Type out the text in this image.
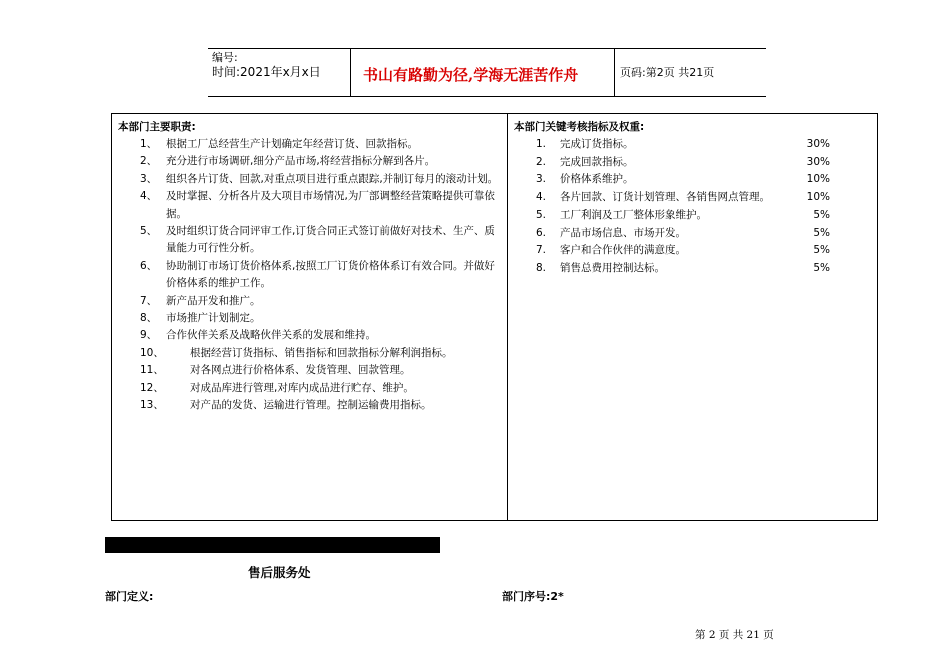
编号:
时间:2021年x月x日	书山有路勤为径,学海无涯苦作舟	页码:第2页 共21页
本部门主要职责:
1、 根据工厂总经营生产计划确定年经营订货、回款指标。
2、 充分进行市场调研,细分产品市场,将经营指标分解到各片。
3、 组织各片订货、回款,对重点项目进行重点跟踪,并制订每月的滚动计划。
4、 及时掌握、分析各片及大项目市场情况,为厂部调整经营策略提供可靠依据。
5、 及时组织订货合同评审工作,订货合同正式签订前做好对技术、生产、质量能力可行性分析。
6、 协助制订市场订货价格体系,按照工厂订货价格体系订有效合同。并做好价格体系的维护工作。
7、 新产品开发和推广。
8、 市场推广计划制定。
9、 合作伙伴关系及战略伙伴关系的发展和维持。
10、	根据经营订货指标、销售指标和回款指标分解利润指标。
11、	对各网点进行价格体系、发货管理、回款管理。
12、	对成品库进行管理,对库内成品进行贮存、维护。
13、	对产品的发货、运输进行管理。控制运输费用指标。
本部门关键考核指标及权重:
1.	完成订货指标。	30%
2.	完成回款指标。	30%
3.	价格体系维护。	10%
4.	各片回款、订货计划管理、各销售网点管理。	10%
5.	工厂利润及工厂整体形象维护。	5%
6.	产品市场信息、市场开发。	5%
7.	客户和合作伙伴的满意度。	5%
8.	销售总费用控制达标。	5%
售后服务处
部门定义:	部门序号:2*
第 2 页 共 21 页
